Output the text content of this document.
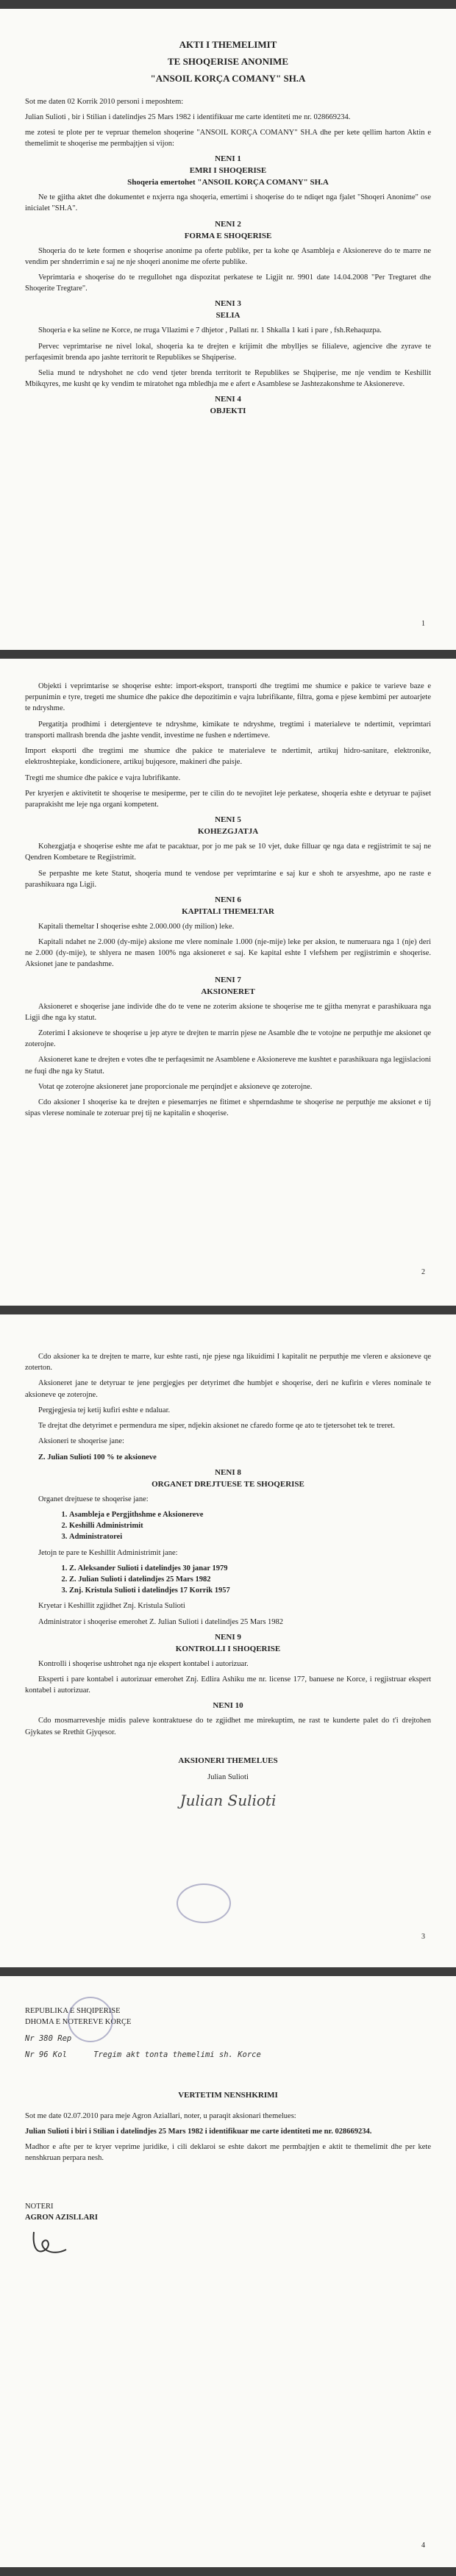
AKTI I THEMELIMIT
TE SHOQERISE ANONIME
"ANSOIL KORÇA COMANY" SH.A

Sot me daten 02 Korrik 2010 personi i meposhtem:

Julian Sulioti , bir i Stilian i datelindjes 25 Mars 1982 i identifikuar me carte identiteti me nr. 028669234.

me zotesi te plote per te vepruar themelon shoqerine "ANSOIL KORÇA COMANY" SH.A dhe per kete qellim harton Aktin e themelimit te shoqerise me permbajtjen si vijon:

NENI 1
EMRI I SHOQERISE
Shoqeria emertohet "ANSOIL KORÇA COMANY" SH.A

Ne te gjitha aktet dhe dokumentet e nxjerra nga shoqeria, emertimi i shoqerise do te ndiqet nga fjalet "Shoqeri Anonime" ose inicialet "SH.A".

NENI 2
FORMA E SHOQERISE

Shoqeria do te kete formen e shoqerise anonime pa oferte publike, per ta kohe qe Asambleja e Aksionereve do te marre ne vendim per shnderrimin e saj ne nje shoqeri anonime me oferte publike.

Veprimtaria e shoqerise do te rregullohet nga dispozitat perkatese te Ligjit nr. 9901 date 14.04.2008 "Per Tregtaret dhe Shoqerite Tregtare".

NENI 3
SELIA

Shoqeria e ka seline ne Korce, ne rruga Vllazimi e 7 dhjetor , Pallati nr. 1 Shkalla 1 kati i pare , fsh.Rehaquzpa.

Pervec veprimtarise ne nivel lokal, shoqeria ka te drejten e krijimit dhe mbylljes se filialeve, agjencive dhe zyrave te perfaqesimit brenda apo jashte territorit te Republikes se Shqiperise.

Selia mund te ndryshohet ne cdo vend tjeter brenda territorit te Republikes se Shqiperise, me nje vendim te Keshillit Mbikqyres, me kusht qe ky vendim te miratohet nga mbledhja me e afert e Asamblese se Jashtezakonshme te Aksionereve.

NENI 4
OBJEKTI
1

Objekti i veprimtarise se shoqerise eshte: import-eksport, transporti dhe tregtimi me shumice e pakice te varieve baze e perpunimin e tyre, tregeti me shumice dhe pakice dhe depozitimin e vajra lubrifikante, filtra, goma e pjese kembimi per autoarjete te ndryshme.

Pergatitja prodhimi i detergjenteve te ndryshme, kimikate te ndryshme, tregtimi i materialeve te ndertimit, veprimtari transporti mallrash brenda dhe jashte vendit, investime ne fushen e ndertimeve.

Import eksporti dhe tregtimi me shumice dhe pakice te materialeve te ndertimit, artikuj hidro-sanitare, elektronike, elektroshtepiake, kondicionere, artikuj bujqesore, makineri dhe paisje.

Tregti me shumice dhe pakice e vajra lubrifikante.

Per kryerjen e aktivitetit te shoqerise te mesiperme, per te cilin do te nevojitet leje perkatese, shoqeria eshte e detyruar te pajiset paraprakisht me leje nga organi kompetent.

NENI 5
KOHEZGJATJA

Kohezgjatja e shoqerise eshte me afat te pacaktuar, por jo me pak se 10 vjet, duke filluar qe nga data e regjistrimit te saj ne Qendren Kombetare te Regjistrimit.

Se perpashte me kete Statut, shoqeria mund te vendose per veprimtarine e saj kur e shoh te arsyeshme, apo ne raste e parashikuara nga Ligji.

NENI 6
KAPITALI THEMELTAR

Kapitali themeltar I shoqerise eshte 2.000.000 (dy milion) leke.

Kapitali ndahet ne 2.000 (dy-mije) aksione me vlere nominale 1.000 (nje-mije) leke per aksion, te numeruara nga 1 (nje) deri ne 2.000 (dy-mije), te shlyera ne masen 100% nga aksioneret e saj. Ke kapital eshte I vlefshem per regjistrimin e shoqerise. Aksionet jane te pandashme.

NENI 7
AKSIONERET

Aksioneret e shoqerise jane individe dhe do te vene ne zoterim aksione te shoqerise me te gjitha menyrat e parashikuara nga Ligji dhe nga ky statut.

Zoterimi I aksioneve te shoqerise u jep atyre te drejten te marrin pjese ne Asamble dhe te votojne ne perputhje me aksionet qe zoterojne.

Aksioneret kane te drejten e votes dhe te perfaqesimit ne Asamblene e Aksionereve me kushtet e parashikuara nga legjislacioni ne fuqi dhe nga ky Statut.

Votat qe zoterojne aksioneret jane proporcionale me perqindjet e aksioneve qe zoterojne.

Cdo aksioner I shoqerise ka te drejten e piesemarrjes ne fitimet e shperndashme te shoqerise ne perputhje me aksionet e tij sipas vlerese nominale te zoteruar prej tij ne kapitalin e shoqerise.

2

Cdo aksioner ka te drejten te marre, kur eshte rasti, nje pjese nga likuidimi I kapitalit ne perputhje me vleren e aksioneve qe zoterton.

Aksioneret jane te detyruar te jene pergjegjes per detyrimet dhe humbjet e shoqerise, deri ne kufirin e vleres nominale te aksioneve qe zoterojne.

Pergjegjesia tej ketij kufiri eshte e ndaluar.

Te drejtat dhe detyrimet e permendura me siper, ndjekin aksionet ne cfaredo forme qe ato te tjetersohet tek te treret.

Aksioneri te shoqerise jane:

Z. Julian Sulioti 100 % te aksioneve

NENI 8
ORGANET DREJTUESE TE SHOQERISE

Organet drejtuese te shoqerise jane:

1. Asambleja e Pergjithshme e Aksionereve
2. Keshilli Administrimit
3. Administratorei

Jetojn te pare te Keshillit Administrimit jane:

1. Z. Aleksander Sulioti i datelindjes 30 janar 1979
2. Z. Julian Sulioti i datelindjes 25 Mars 1982
3. Znj. Kristula Sulioti i datelindjes 17 Korrik 1957

Kryetar i Keshillit zgjidhet Znj. Kristula Sulioti

Administrator i shoqerise emerohet Z. Julian Sulioti i datelindjes 25 Mars 1982

NENI 9
KONTROLLI I SHOQERISE

Kontrolli i shoqerise ushtrohet nga nje ekspert kontabel i autorizuar.

Eksperti i pare kontabel i autorizuar emerohet Znj. Edlira Ashiku me nr. license 177, banuese ne Korce, i regjistruar ekspert kontabel i autorizuar.

NENI 10

Cdo mosmarreveshje midis paleve kontraktuese do te zgjidhet me mirekuptim, ne rast te kunderte palet do t'i drejtohen Gjykates se Rrethit Gjyqesor.

AKSIONERI THEMELUES
Julian Sulioti
Julian Sulioti
3
REPUBLIKA E SHQIPERISE
DHOMA E NOTEREVE KORÇE
Nr 380 Rep
Nr 96 Kol	Tregim akt tonta themelimi sh. Korce
VERTETIM NENSHKRIMI

Sot me date 02.07.2010 para meje Agron Aziallari, noter, u paraqit aksionari themelues:

Julian Sulioti i biri i Stilian i datelindjes 25 Mars 1982 i identifikuar me carte identiteti me nr. 028669234.

Madhor e afte per te kryer veprime juridike, i cili deklaroi se eshte dakort me permbajtjen e aktit te themelimit dhe per kete nenshkruan perpara nesh.

NOTERI
AGRON AZISLLARI
4
